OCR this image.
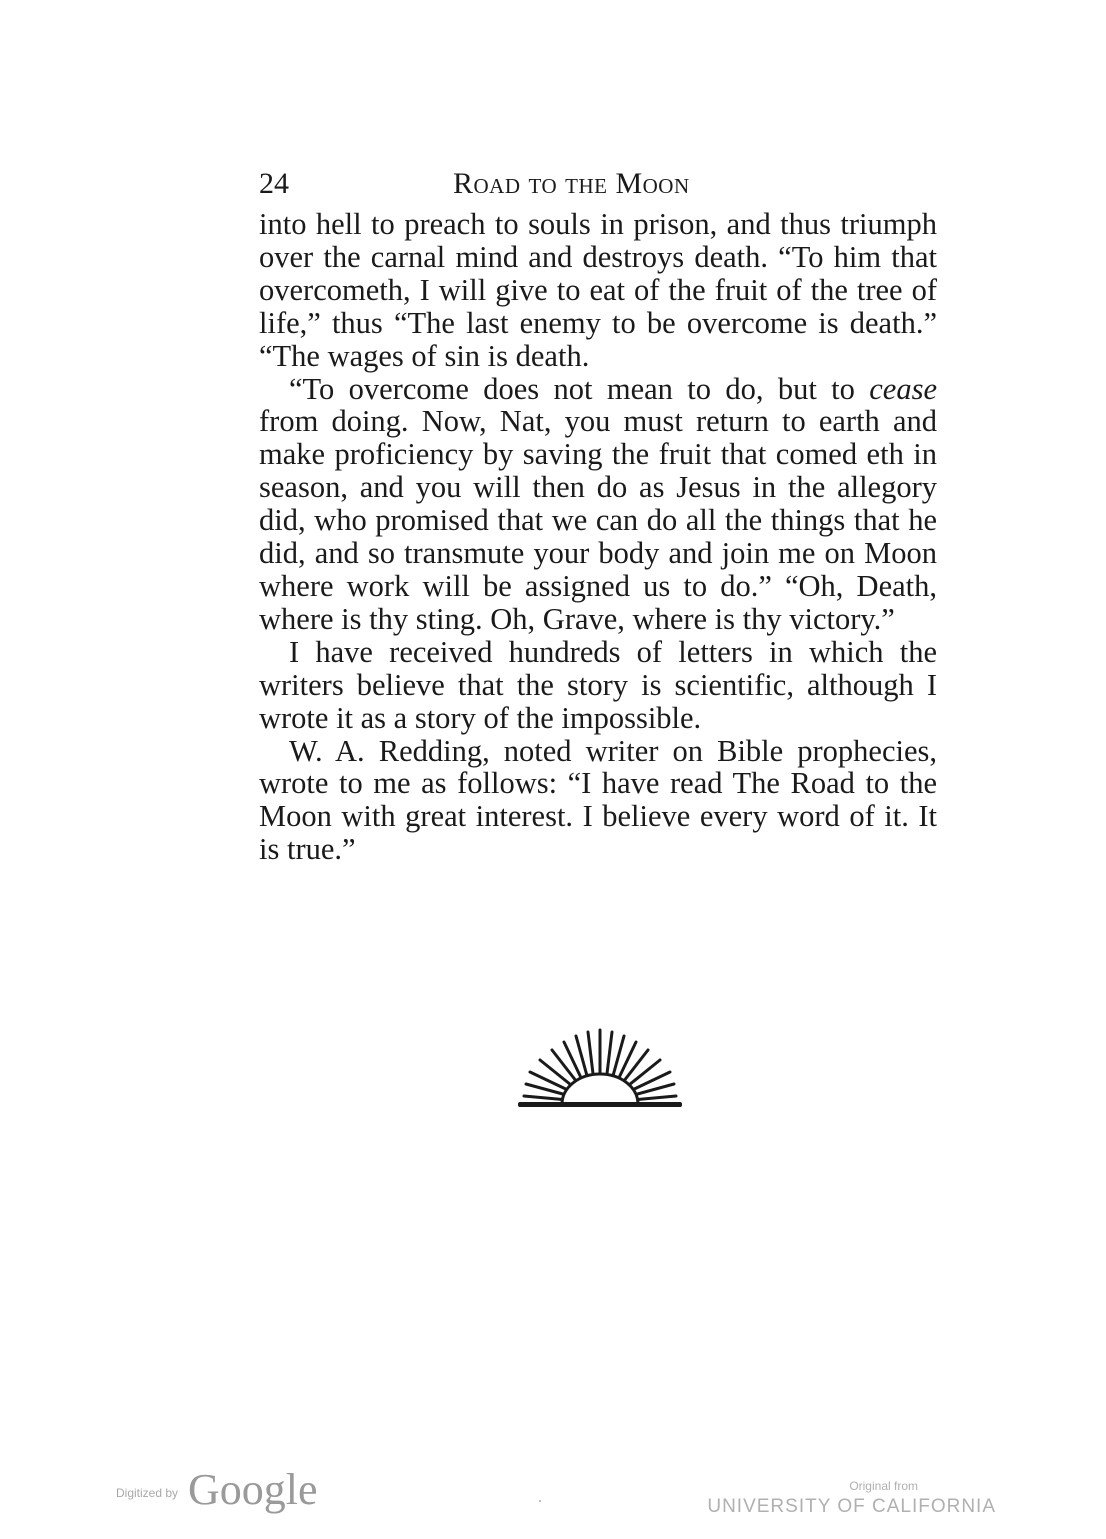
24	Road to the Moon

into hell to preach to souls in prison, and thus triumph over the carnal mind and destroys death. “To him that overcometh, I will give to eat of the fruit of the tree of life,” thus “The last enemy to be overcome is death.” “The wages of sin is death.

“To overcome does not mean to do, but to cease from doing. Now, Nat, you must return to earth and make proficiency by saving the fruit that comed eth in season, and you will then do as Jesus in the allegory did, who promised that we can do all the things that he did, and so transmute your body and join me on Moon where work will be assigned us to do.” “Oh, Death, where is thy sting. Oh, Grave, where is thy victory.”

I have received hundreds of letters in which the writers believe that the story is scientific, although I wrote it as a story of the impossible.

W. A. Redding, noted writer on Bible prophecies, wrote to me as follows: “I have read The Road to the Moon with great interest. I believe every word of it. It is true.”

Digitized by Google	Original from
UNIVERSITY OF CALIFORNIA
